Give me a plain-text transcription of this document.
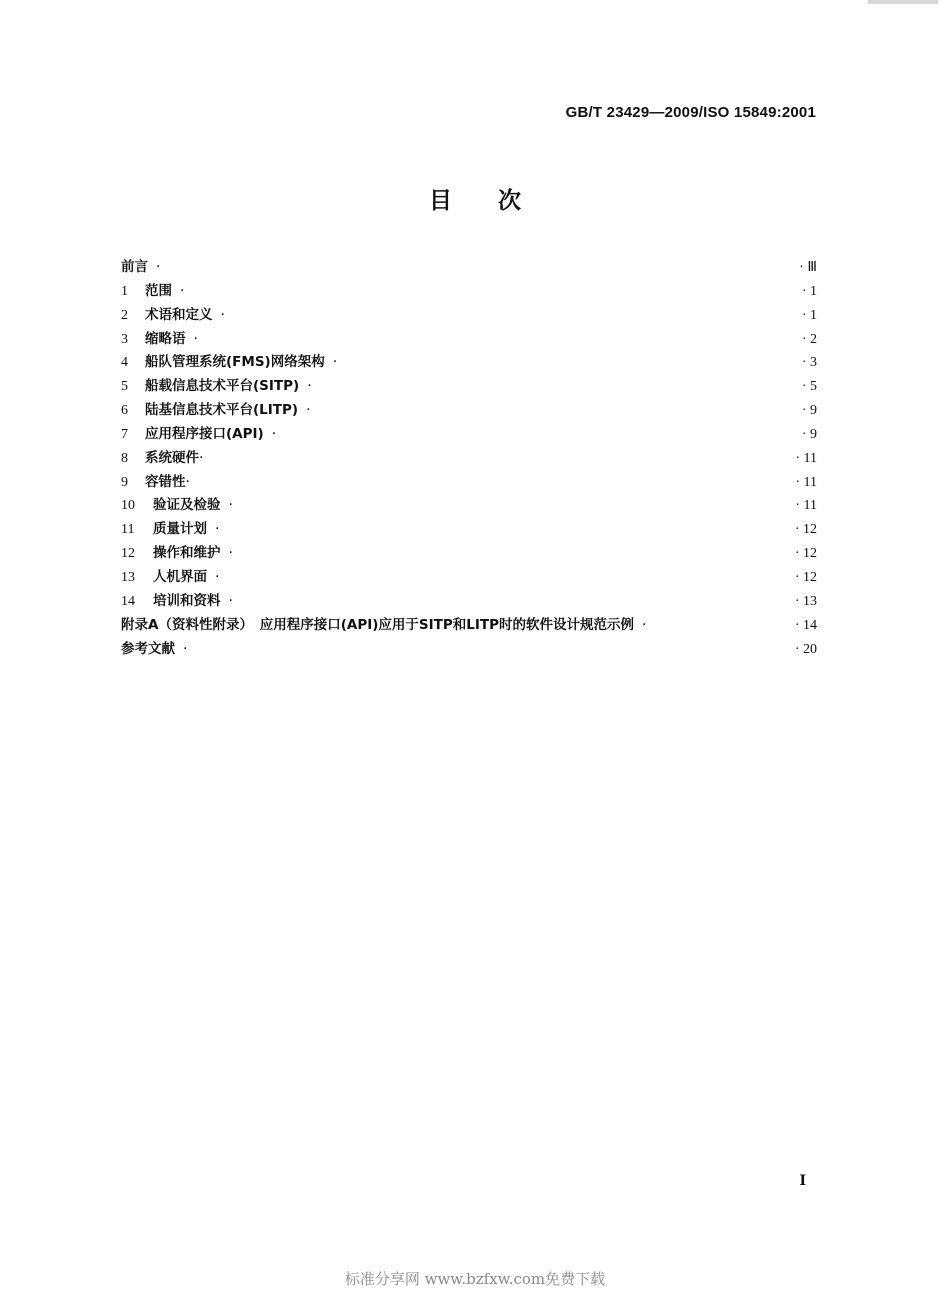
GB/T 23429—2009/ISO 15849:2001
目　　次
前言 ·	· Ⅲ
1	范围 ·	· 1
2	术语和定义 ·	· 1
3	缩略语 ·	· 2
4	船队管理系统(FMS)网络架构 ·	· 3
5	船载信息技术平台(SITP) ·	· 5
6	陆基信息技术平台(LITP) ·	· 9
7	应用程序接口(API) ·	· 9
8	系统硬件 ·	· 11
9	容错性 ·	· 11
10	验证及检验 ·	· 11
11	质量计划 ·	· 12
12	操作和维护 ·	· 12
13	人机界面 ·	· 12
14	培训和资料 ·	· 13
附录A（资料性附录）　应用程序接口(API)应用于SITP和LITP时的软件设计规范示例 ·	· 14
参考文献 ·	· 20
I
标准分享网 www.bzfxw.com免费下载
